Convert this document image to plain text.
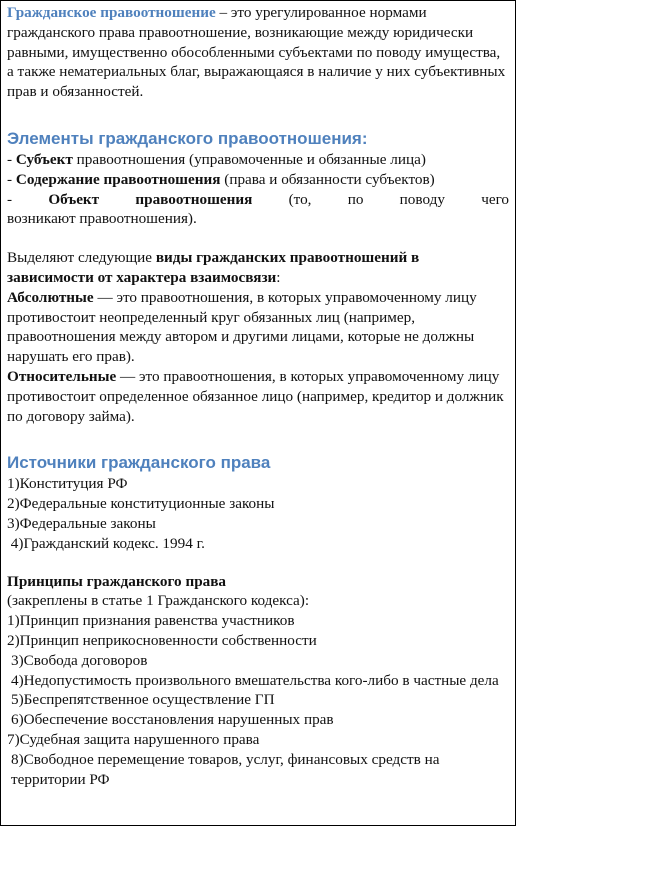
Гражданское правоотношение – это урегулированное нормами гражданского права правоотношение, возникающие между юридически равными, имущественно обособленными субъектами по поводу имущества, а также нематериальных благ, выражающаяся в наличие у них субъективных прав и обязанностей.

Элементы гражданского правоотношения:

- Субъект правоотношения (управомоченные и обязанные лица)

- Содержание правоотношения (права и обязанности субъектов)

- Объект правоотношения (то, по поводу чего

возникают правоотношения).

Выделяют следующие виды гражданских правоотношений в зависимости от характера взаимосвязи:

Абсолютные — это правоотношения, в которых управомоченному лицу противостоит неопределенный круг обязанных лиц (например, правоотношения между автором и другими лицами, которые не должны нарушать его прав).

Относительные — это правоотношения, в которых управомоченному лицу противостоит определенное обязанное лицо (например, кредитор и должник по договору займа).

Источники гражданского права

1)Конституция РФ

2)Федеральные конституционные законы

3)Федеральные законы

4)Гражданский кодекс. 1994 г.

Принципы гражданского права

(закреплены в статье 1 Гражданского кодекса):

1)Принцип признания равенства участников

2)Принцип неприкосновенности собственности

3)Свобода договоров

4)Недопустимость произвольного вмешательства кого-либо в частные дела

5)Беспрепятственное осуществление ГП

6)Обеспечение восстановления нарушенных прав

7)Судебная защита нарушенного права

8)Свободное перемещение товаров, услуг, финансовых средств на территории РФ
